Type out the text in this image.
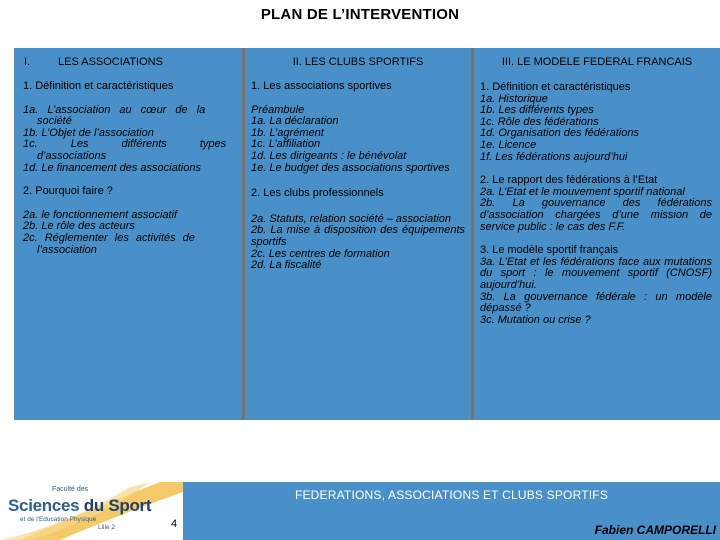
PLAN DE L’INTERVENTION
I.	LES ASSOCIATIONS
1. Définition et caractéristiques
1a. L’association au cœur de la
société
1b. L’Objet de l’association
1c. Les différents types
d’associations
1d. Le financement des associations
2. Pourquoi faire ?
2a. le fonctionnement associatif
2b. Le rôle des acteurs
2c. Réglementer les activités de
l’association
II. LES CLUBS SPORTIFS
1. Les associations sportives
Préambule
1a. La déclaration
1b. L’agrément
1c. L’affiliation
1d. Les dirigeants : le bénévolat
1e. Le budget des associations sportives
2. Les clubs professionnels
2a. Statuts, relation société – association
2b. La mise à disposition des équipements sportifs
2c. Les centres de formation
2d. La fiscalité
III. LE MODELE FEDERAL FRANCAIS
1. Définition et caractéristiques
1a. Historique
1b. Les différents types
1c. Rôle des fédérations
1d. Organisation des fédérations
1e. Licence
1f. Les fédérations aujourd’hui
2. Le rapport des fédérations à l’Etat
2a. L’Etat et le mouvement sportif national
2b. La gouvernance des fédérations d’association chargées d’une mission de service public : le cas des F.F.
3. Le modèle sportif français
3a. L’Etat et les fédérations face aux mutations du sport : le mouvement sportif (CNOSF) aujourd’hui.
3b. La gouvernance fédérale : un modèle dépassé ?
3c. Mutation ou crise ?
Faculté des
Sciences du Sport
et de l'Education Physique
Lille 2	4
FEDERATIONS, ASSOCIATIONS ET CLUBS SPORTIFS
Fabien CAMPORELLI
